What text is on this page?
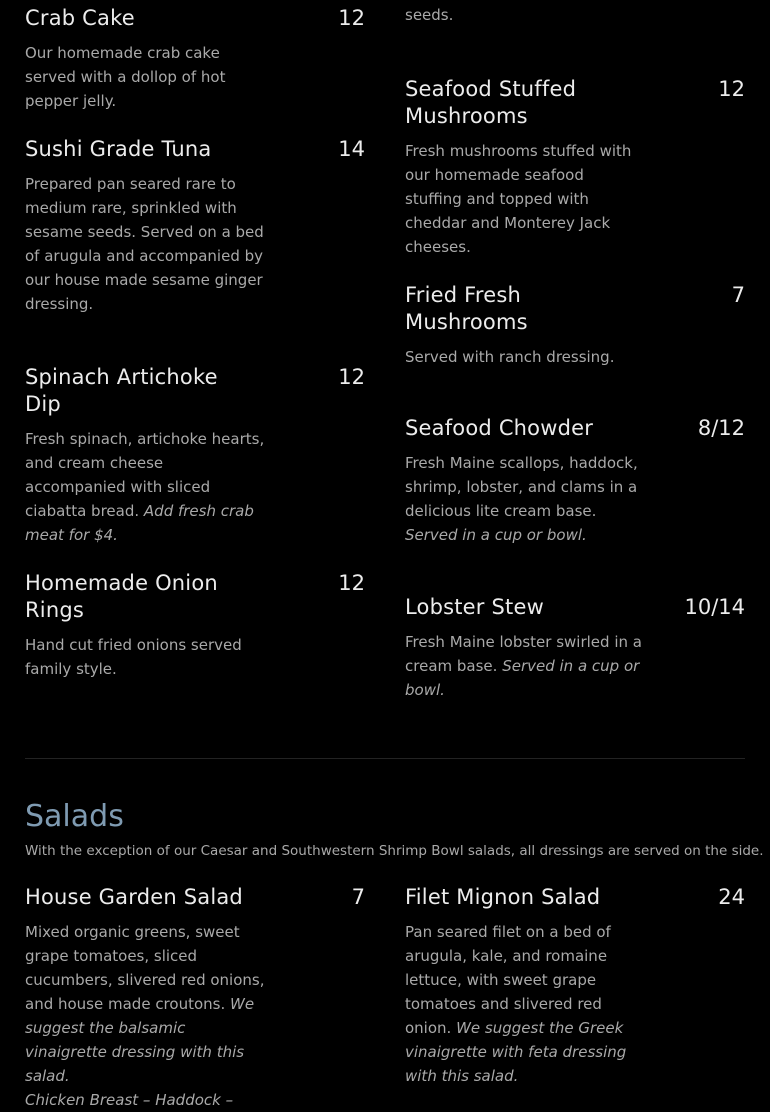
Crab Cake	12
Our homemade crab cake served with a dollop of hot pepper jelly.
Sushi Grade Tuna	14
Prepared pan seared rare to medium rare, sprinkled with sesame seeds. Served on a bed of arugula and accompanied by our house made sesame ginger dressing.
Spinach Artichoke Dip
12
Fresh spinach, artichoke hearts, and cream cheese accompanied with sliced ciabatta bread. Add fresh crab meat for $4.
Homemade Onion Rings
12
Hand cut fried onions served family style.
seeds.
Seafood Stuffed Mushrooms
12
Fresh mushrooms stuffed with our homemade seafood stuffing and topped with cheddar and Monterey Jack cheeses.
Fried Fresh Mushrooms
7
Served with ranch dressing.
Seafood Chowder	8/12
Fresh Maine scallops, haddock, shrimp, lobster, and clams in a delicious lite cream base. Served in a cup or bowl.
Lobster Stew	10/14
Fresh Maine lobster swirled in a cream base. Served in a cup or bowl.
Salads
With the exception of our Caesar and Southwestern Shrimp Bowl salads, all dressings are served on the side.
House Garden Salad	7
Mixed organic greens, sweet grape tomatoes, sliced cucumbers, slivered red onions, and house made croutons. We suggest the balsamic vinaigrette dressing with this salad.
Chicken Breast – Haddock –
Filet Mignon Salad	24
Pan seared filet on a bed of arugula, kale, and romaine lettuce, with sweet grape tomatoes and slivered red onion. We suggest the Greek vinaigrette with feta dressing with this salad.
